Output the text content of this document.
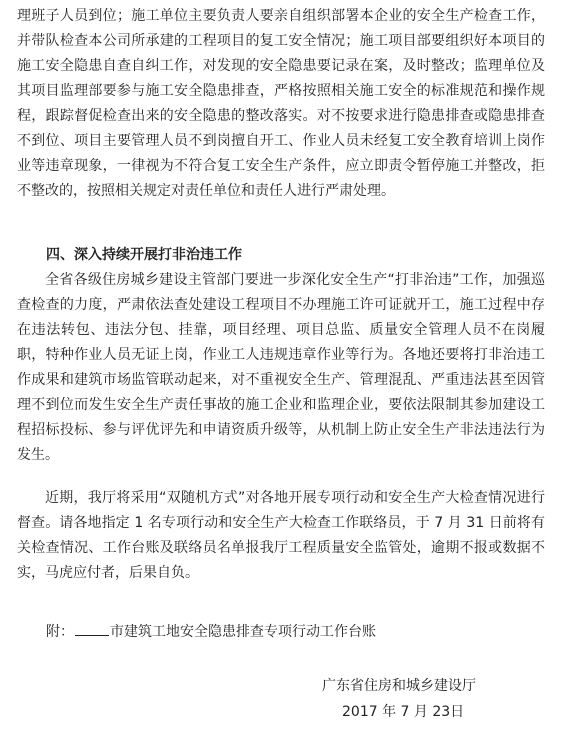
理班子人员到位；施工单位主要负责人要亲自组织部署本企业的安全生产检查工作，并带队检查本公司所承建的工程项目的复工安全情况；施工项目部要组织好本项目的施工安全隐患自查自纠工作，对发现的安全隐患要记录在案，及时整改；监理单位及其项目监理部要参与施工安全隐患排查，严格按照相关施工安全的标准规范和操作规程，跟踪督促检查出来的安全隐患的整改落实。对不按要求进行隐患排查或隐患排查不到位、项目主要管理人员不到岗擅自开工、作业人员未经复工安全教育培训上岗作业等违章现象，一律视为不符合复工安全生产条件，应立即责令暂停施工并整改，拒不整改的，按照相关规定对责任单位和责任人进行严肃处理。

四、深入持续开展打非治违工作

全省各级住房城乡建设主管部门要进一步深化安全生产“打非治违”工作，加强巡查检查的力度，严肃依法查处建设工程项目不办理施工许可证就开工，施工过程中存在违法转包、违法分包、挂靠，项目经理、项目总监、质量安全管理人员不在岗履职，特种作业人员无证上岗，作业工人违规违章作业等行为。各地还要将打非治违工作成果和建筑市场监管联动起来，对不重视安全生产、管理混乱、严重违法甚至因管理不到位而发生安全生产责任事故的施工企业和监理企业，要依法限制其参加建设工程招标投标、参与评优评先和申请资质升级等，从机制上防止安全生产非法违法行为发生。

近期，我厅将采用“双随机方式”对各地开展专项行动和安全生产大检查情况进行督查。请各地指定 1 名专项行动和安全生产大检查工作联络员，于 7 月 31 日前将有关检查情况、工作台账及联络员名单报我厅工程质量安全监管处，逾期不报或数据不实，马虎应付者，后果自负。

附：	市建筑工地安全隐患排查专项行动工作台账
广东省住房和城乡建设厅
2017 年 7 月 23日
